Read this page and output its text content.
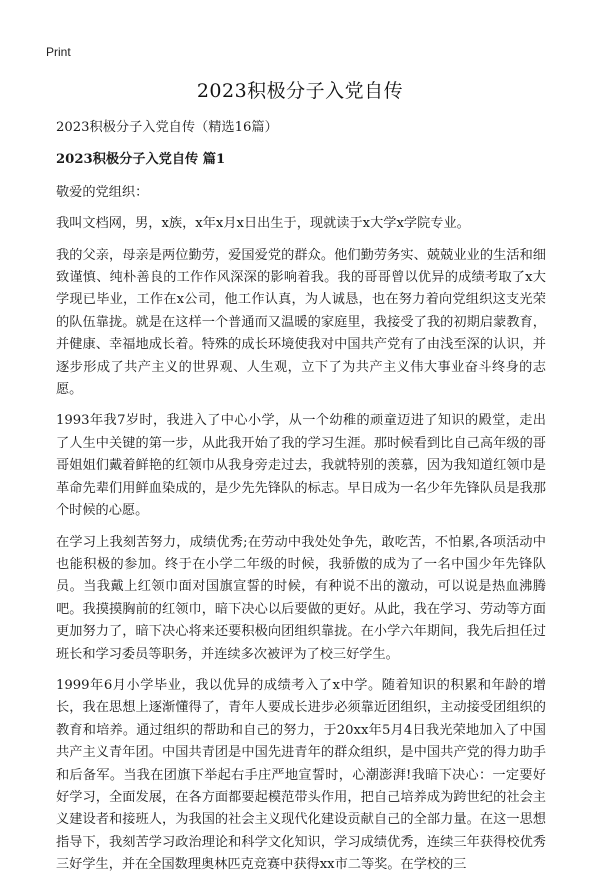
Print
2023积极分子入党自传

2023积极分子入党自传（精选16篇）

2023积极分子入党自传 篇1

敬爱的党组织：

我叫文档网，男，x族，x年x月x日出生于，现就读于x大学x学院专业。

我的父亲，母亲是两位勤劳，爱国爱党的群众。他们勤劳务实、兢兢业业的生活和细致谨慎、纯朴善良的工作作风深深的影响着我。我的哥哥曾以优异的成绩考取了x大学现已毕业，工作在x公司，他工作认真，为人诚恳，也在努力着向党组织这支光荣的队伍靠拢。就是在这样一个普通而又温暖的家庭里，我接受了我的初期启蒙教育，并健康、幸福地成长着。特殊的成长环境使我对中国共产党有了由浅至深的认识，并逐步形成了共产主义的世界观、人生观，立下了为共产主义伟大事业奋斗终身的志愿。

1993年我7岁时，我进入了中心小学，从一个幼稚的顽童迈进了知识的殿堂，走出了人生中关键的第一步，从此我开始了我的学习生涯。那时候看到比自己高年级的哥哥姐姐们戴着鲜艳的红领巾从我身旁走过去，我就特别的羡慕，因为我知道红领巾是革命先辈们用鲜血染成的，是少先先锋队的标志。早日成为一名少年先锋队员是我那个时候的心愿。

在学习上我刻苦努力，成绩优秀;在劳动中我处处争先，敢吃苦，不怕累,各项活动中也能积极的参加。终于在小学二年级的时候，我骄傲的成为了一名中国少年先锋队员。当我戴上红领巾面对国旗宣誓的时候，有种说不出的激动，可以说是热血沸腾吧。我摸摸胸前的红领巾，暗下决心以后要做的更好。从此，我在学习、劳动等方面更加努力了，暗下决心将来还要积极向团组织靠拢。在小学六年期间，我先后担任过班长和学习委员等职务，并连续多次被评为了校三好学生。

1999年6月小学毕业，我以优异的成绩考入了x中学。随着知识的积累和年龄的增长，我在思想上逐渐懂得了，青年人要成长进步必须靠近团组织，主动接受团组织的教育和培养。通过组织的帮助和自己的努力，于20xx年5月4日我光荣地加入了中国共产主义青年团。中国共青团是中国先进青年的群众组织，是中国共产党的得力助手和后备军。当我在团旗下举起右手庄严地宣誓时，心潮澎湃!我暗下决心：一定要好好学习，全面发展，在各方面都要起模范带头作用，把自己培养成为跨世纪的社会主义建设者和接班人，为我国的社会主义现代化建设贡献自己的全部力量。在这一思想指导下，我刻苦学习政治理论和科学文化知识，学习成绩优秀，连续三年获得校优秀三好学生，并在全国数理奥林匹克竞赛中获得xx市二等奖。在学校的三
